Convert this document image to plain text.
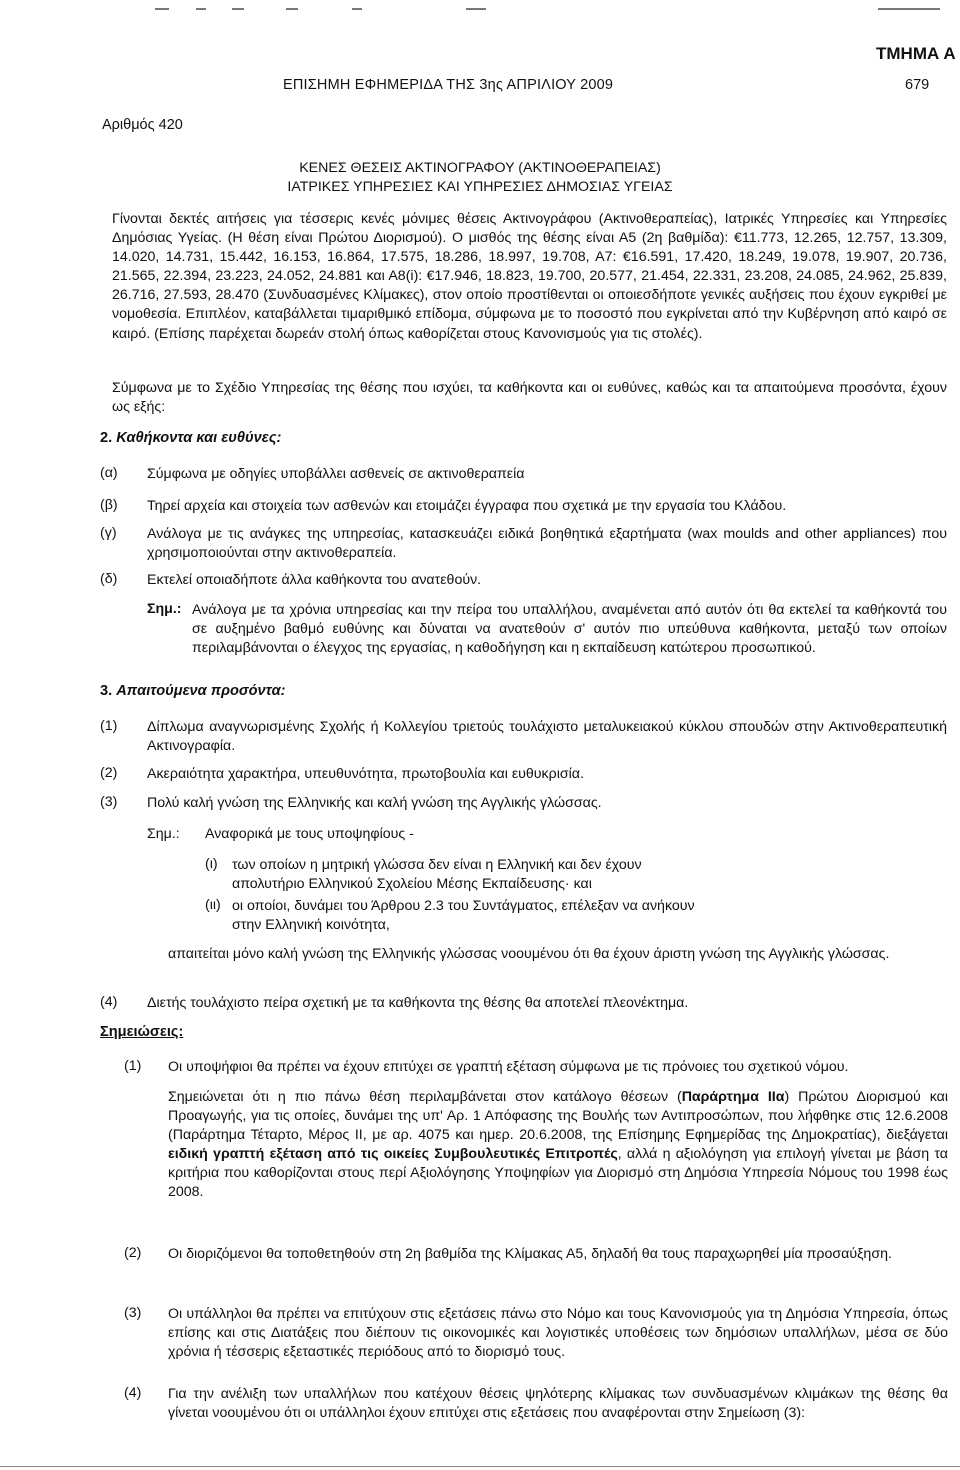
ΤΜΗΜΑ Α
ΕΠΙΣΗΜΗ ΕΦΗΜΕΡΙΔΑ ΤΗΣ 3ης ΑΠΡΙΛΙΟΥ 2009	679
Αριθμός 420
ΚΕΝΕΣ ΘΕΣΕΙΣ ΑΚΤΙΝΟΓΡΑΦΟΥ (ΑΚΤΙΝΟΘΕΡΑΠΕΙΑΣ)
ΙΑΤΡΙΚΕΣ ΥΠΗΡΕΣΙΕΣ ΚΑΙ ΥΠΗΡΕΣΙΕΣ ΔΗΜΟΣΙΑΣ ΥΓΕΙΑΣ
Γίνονται δεκτές αιτήσεις για τέσσερις κενές μόνιμες θέσεις Ακτινογράφου (Ακτινοθεραπείας), Ιατρικές Υπηρεσίες και Υπηρεσίες Δημόσιας Υγείας. (Η θέση είναι Πρώτου Διορισμού). Ο μισθός της θέσης είναι Α5 (2η βαθμίδα): €11.773, 12.265, 12.757, 13.309, 14.020, 14.731, 15.442, 16.153, 16.864, 17.575, 18.286, 18.997, 19.708, Α7: €16.591, 17.420, 18.249, 19.078, 19.907, 20.736, 21.565, 22.394, 23.223, 24.052, 24.881 και Α8(i): €17.946, 18.823, 19.700, 20.577, 21.454, 22.331, 23.208, 24.085, 24.962, 25.839, 26.716, 27.593, 28.470 (Συνδυασμένες Κλίμακες), στον οποίο προστίθενται οι οποιεσδήποτε γενικές αυξήσεις που έχουν εγκριθεί με νομοθεσία. Επιπλέον, καταβάλλεται τιμαριθμικό επίδομα, σύμφωνα με το ποσοστό που εγκρίνεται από την Κυβέρνηση από καιρό σε καιρό. (Επίσης παρέχεται δωρεάν στολή όπως καθορίζεται στους Κανονισμούς για τις στολές).
Σύμφωνα με το Σχέδιο Υπηρεσίας της θέσης που ισχύει, τα καθήκοντα και οι ευθύνες, καθώς και τα απαιτούμενα προσόντα, έχουν ως εξής:
2. Καθήκοντα και ευθύνες:
(α) Σύμφωνα με οδηγίες υποβάλλει ασθενείς σε ακτινοθεραπεία
(β) Τηρεί αρχεία και στοιχεία των ασθενών και ετοιμάζει έγγραφα που σχετικά με την εργασία του Κλάδου.
(γ) Ανάλογα με τις ανάγκες της υπηρεσίας, κατασκευάζει ειδικά βοηθητικά εξαρτήματα (wax moulds and other appliances) που χρησιμοποιούνται στην ακτινοθεραπεία.
(δ) Εκτελεί οποιαδήποτε άλλα καθήκοντα του ανατεθούν.
Σημ.: Ανάλογα με τα χρόνια υπηρεσίας και την πείρα του υπαλλήλου, αναμένεται από αυτόν ότι θα εκτελεί τα καθήκοντά του σε αυξημένο βαθμό ευθύνης και δύναται να ανατεθούν σ' αυτόν πιο υπεύθυνα καθήκοντα, μεταξύ των οποίων περιλαμβάνονται ο έλεγχος της εργασίας, η καθοδήγηση και η εκπαίδευση κατώτερου προσωπικού.
3. Απαιτούμενα προσόντα:
(1) Δίπλωμα αναγνωρισμένης Σχολής ή Κολλεγίου τριετούς τουλάχιστο μεταλυκειακού κύκλου σπουδών στην Ακτινοθεραπευτική Ακτινογραφία.
(2) Ακεραιότητα χαρακτήρα, υπευθυνότητα, πρωτοβουλία και ευθυκρισία.
(3) Πολύ καλή γνώση της Ελληνικής και καλή γνώση της Αγγλικής γλώσσας.
Σημ.: Αναφορικά με τους υποψηφίους -
(ι) των οποίων η μητρική γλώσσα δεν είναι η Ελληνική και δεν έχουν απολυτήριο Ελληνικού Σχολείου Μέσης Εκπαίδευσης· και
(ιι) οι οποίοι, δυνάμει του Άρθρου 2.3 του Συντάγματος, επέλεξαν να ανήκουν στην Ελληνική κοινότητα,
απαιτείται μόνο καλή γνώση της Ελληνικής γλώσσας νοουμένου ότι θα έχουν άριστη γνώση της Αγγλικής γλώσσας.
(4) Διετής τουλάχιστο πείρα σχετική με τα καθήκοντα της θέσης θα αποτελεί πλεονέκτημα.
Σημειώσεις:
(1) Οι υποψήφιοι θα πρέπει να έχουν επιτύχει σε γραπτή εξέταση σύμφωνα με τις πρόνοιες του σχετικού νόμου.
Σημειώνεται ότι η πιο πάνω θέση περιλαμβάνεται στον κατάλογο θέσεων (Παράρτημα ΙΙα) Πρώτου Διορισμού και Προαγωγής, για τις οποίες, δυνάμει της υπ' Αρ. 1 Απόφασης της Βουλής των Αντιπροσώπων, που λήφθηκε στις 12.6.2008 (Παράρτημα Τέταρτο, Μέρος ΙΙ, με αρ. 4075 και ημερ. 20.6.2008, της Επίσημης Εφημερίδας της Δημοκρατίας), διεξάγεται ειδική γραπτή εξέταση από τις οικείες Συμβουλευτικές Επιτροπές, αλλά η αξιολόγηση για επιλογή γίνεται με βάση τα κριτήρια που καθορίζονται στους περί Αξιολόγησης Υποψηφίων για Διορισμό στη Δημόσια Υπηρεσία Νόμους του 1998 έως 2008.
(2) Οι διοριζόμενοι θα τοποθετηθούν στη 2η βαθμίδα της Κλίμακας Α5, δηλαδή θα τους παραχωρηθεί μία προσαύξηση.
(3) Οι υπάλληλοι θα πρέπει να επιτύχουν στις εξετάσεις πάνω στο Νόμο και τους Κανονισμούς για τη Δημόσια Υπηρεσία, όπως επίσης και στις Διατάξεις που διέπουν τις οικονομικές και λογιστικές υποθέσεις των δημόσιων υπαλλήλων, μέσα σε δύο χρόνια ή τέσσερις εξεταστικές περιόδους από το διορισμό τους.
(4) Για την ανέλιξη των υπαλλήλων που κατέχουν θέσεις ψηλότερης κλίμακας των συνδυασμένων κλιμάκων της θέσης θα γίνεται νοουμένου ότι οι υπάλληλοι έχουν επιτύχει στις εξετάσεις που αναφέρονται στην Σημείωση (3):
